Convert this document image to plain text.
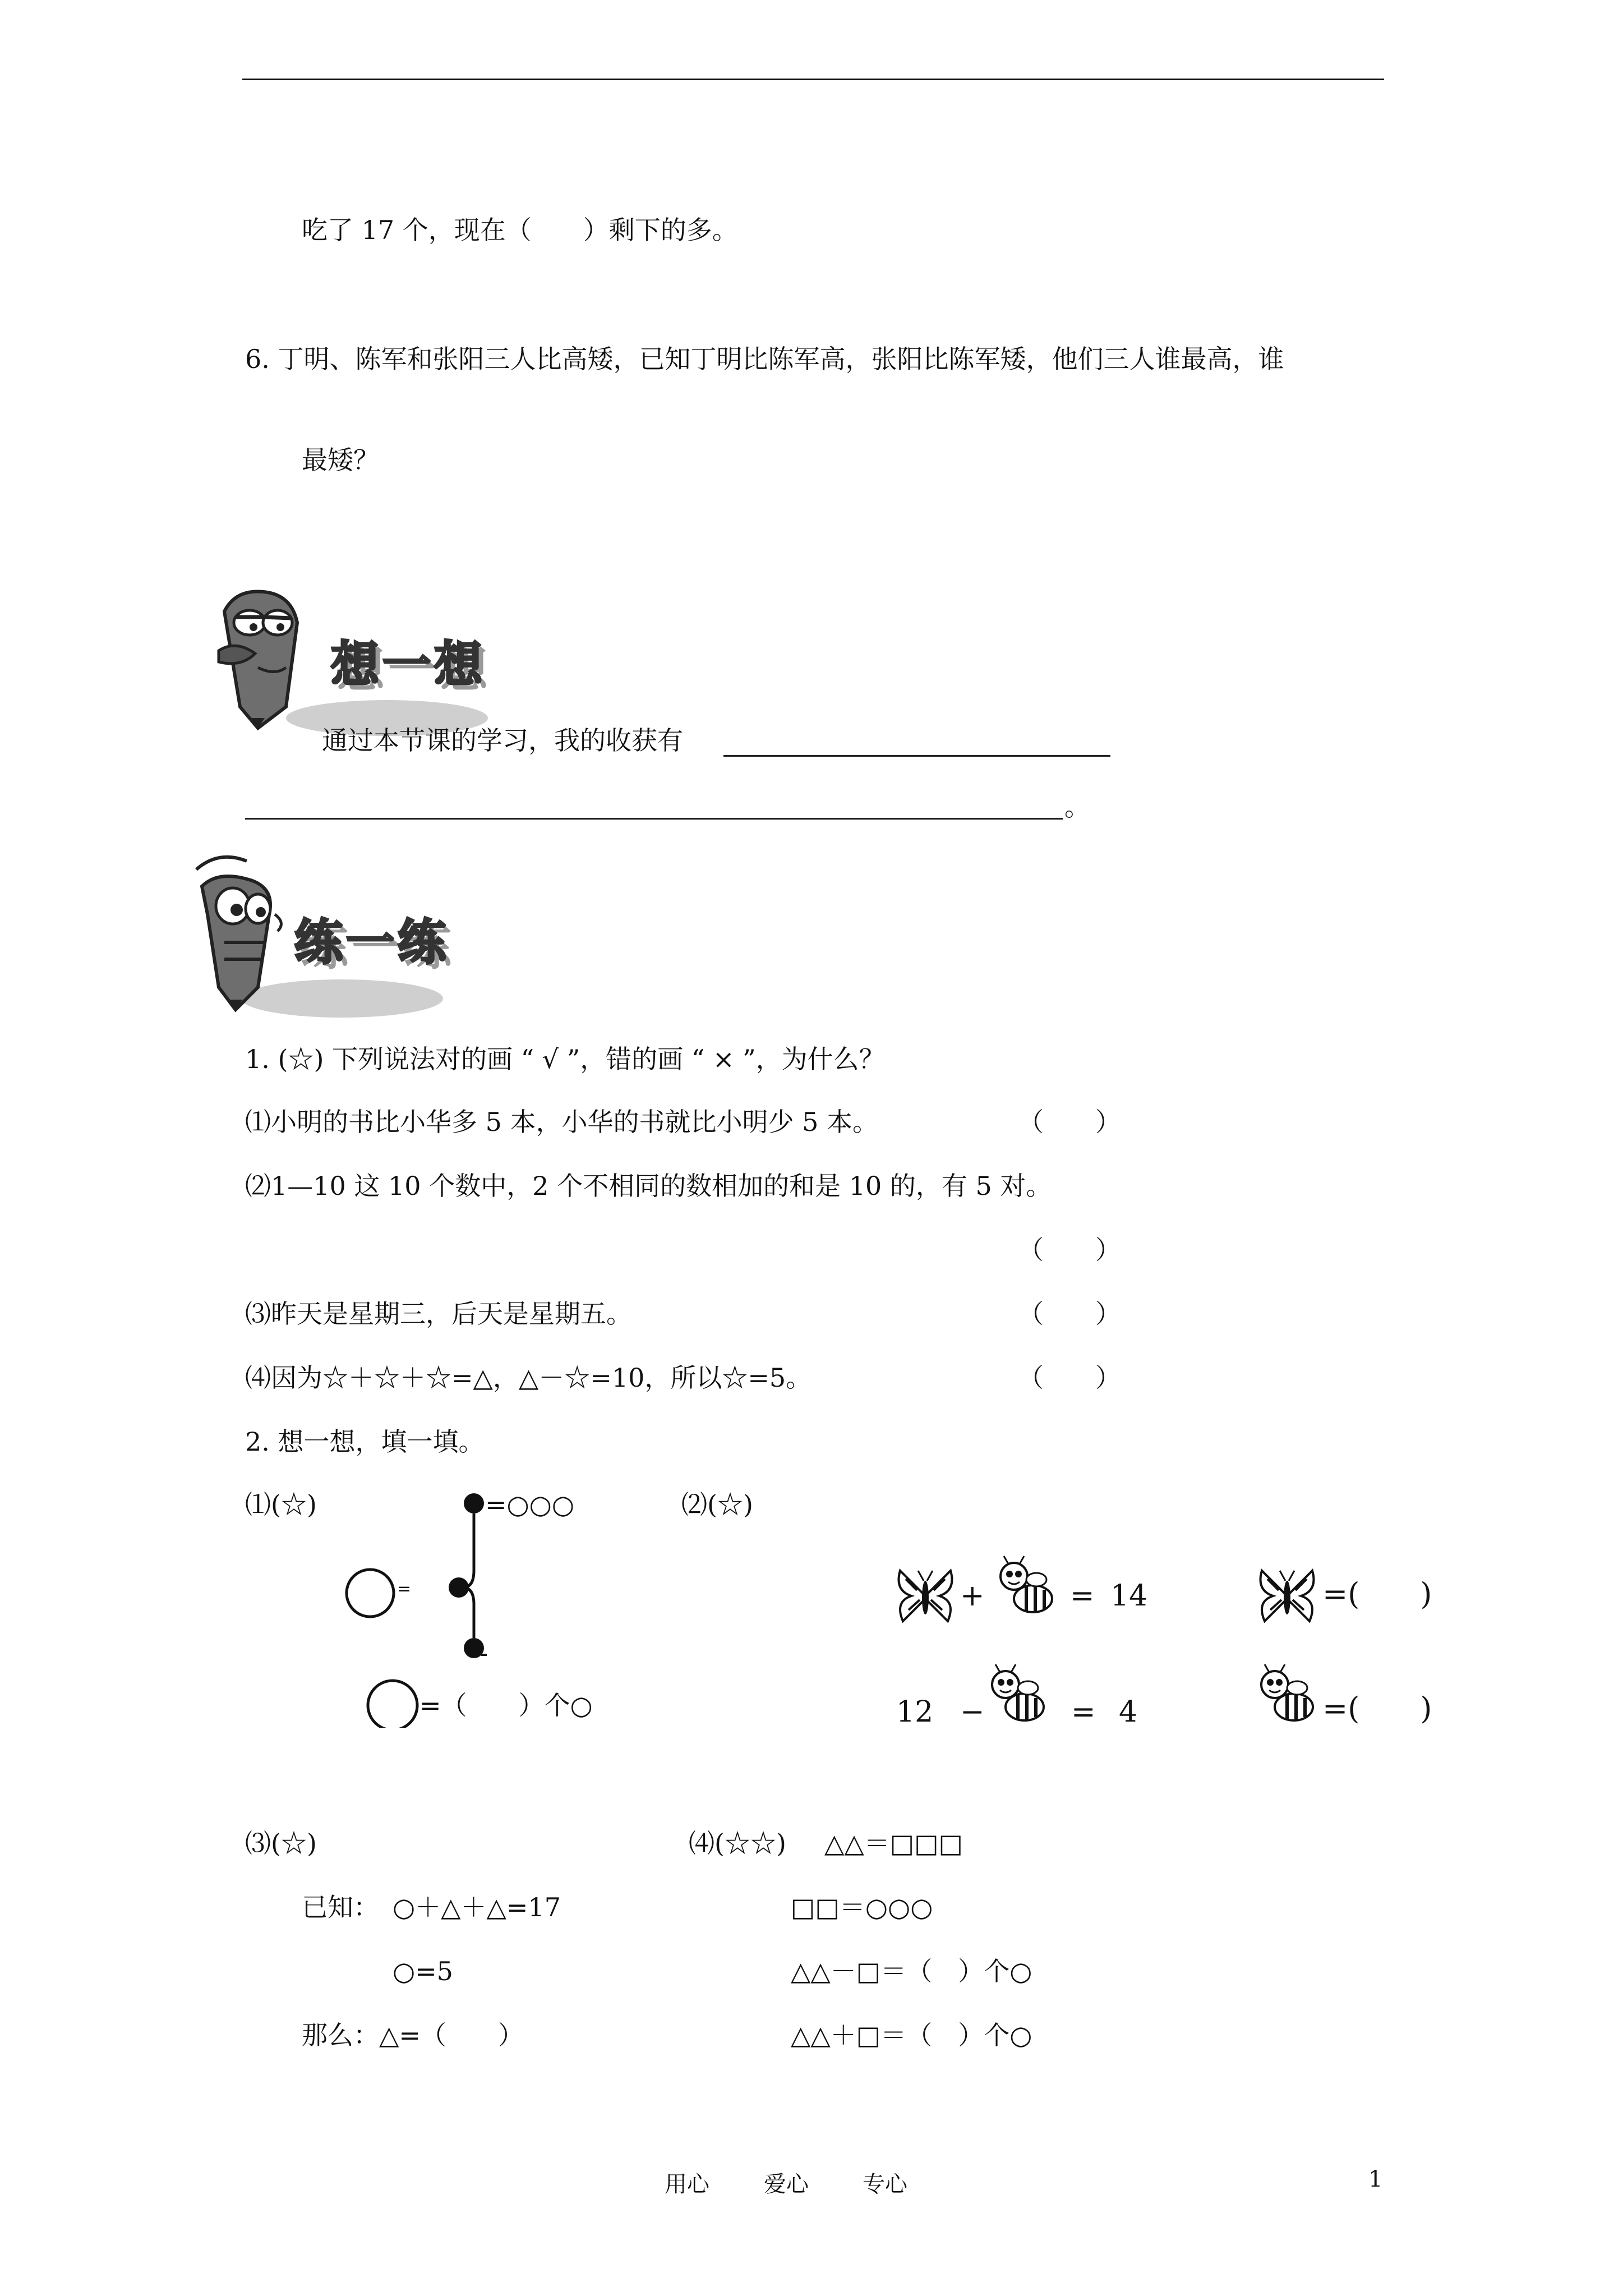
吃了 17 个，现在（　　）剩下的多。
6. 丁明、陈军和张阳三人比高矮，已知丁明比陈军高，张阳比陈军矮，他们三人谁最高，谁
最矮？
想一想
通过本节课的学习，我的收获有
。
练一练
1. (☆) 下列说法对的画 “ √ ”，错的画 “ × ”，为什么？
⑴小明的书比小华多 5 本，小华的书就比小明少 5 本。	（　　）
⑵1—10 这 10 个数中，2 个不相同的数相加的和是 10 的，有 5 对。
（　　）
⑶昨天是星期三，后天是星期五。	（　　）
⑷因为☆＋☆＋☆=△，△－☆=10，所以☆=5。	（　　）
2. 想一想，填一填。
⑴(☆)
=
=○○○
=（　　）个○
⑵(☆)
+	= 14	=(　　)
12 −	= 4	=(　　)
⑶(☆)
已知： ○＋△＋△=17
○=5
那么：△=（　　）
⑷(☆☆) △△＝□□□
□□＝○○○
△△－□＝（　）个○
△△＋□＝（　）个○
用心 爱心 专心	1
